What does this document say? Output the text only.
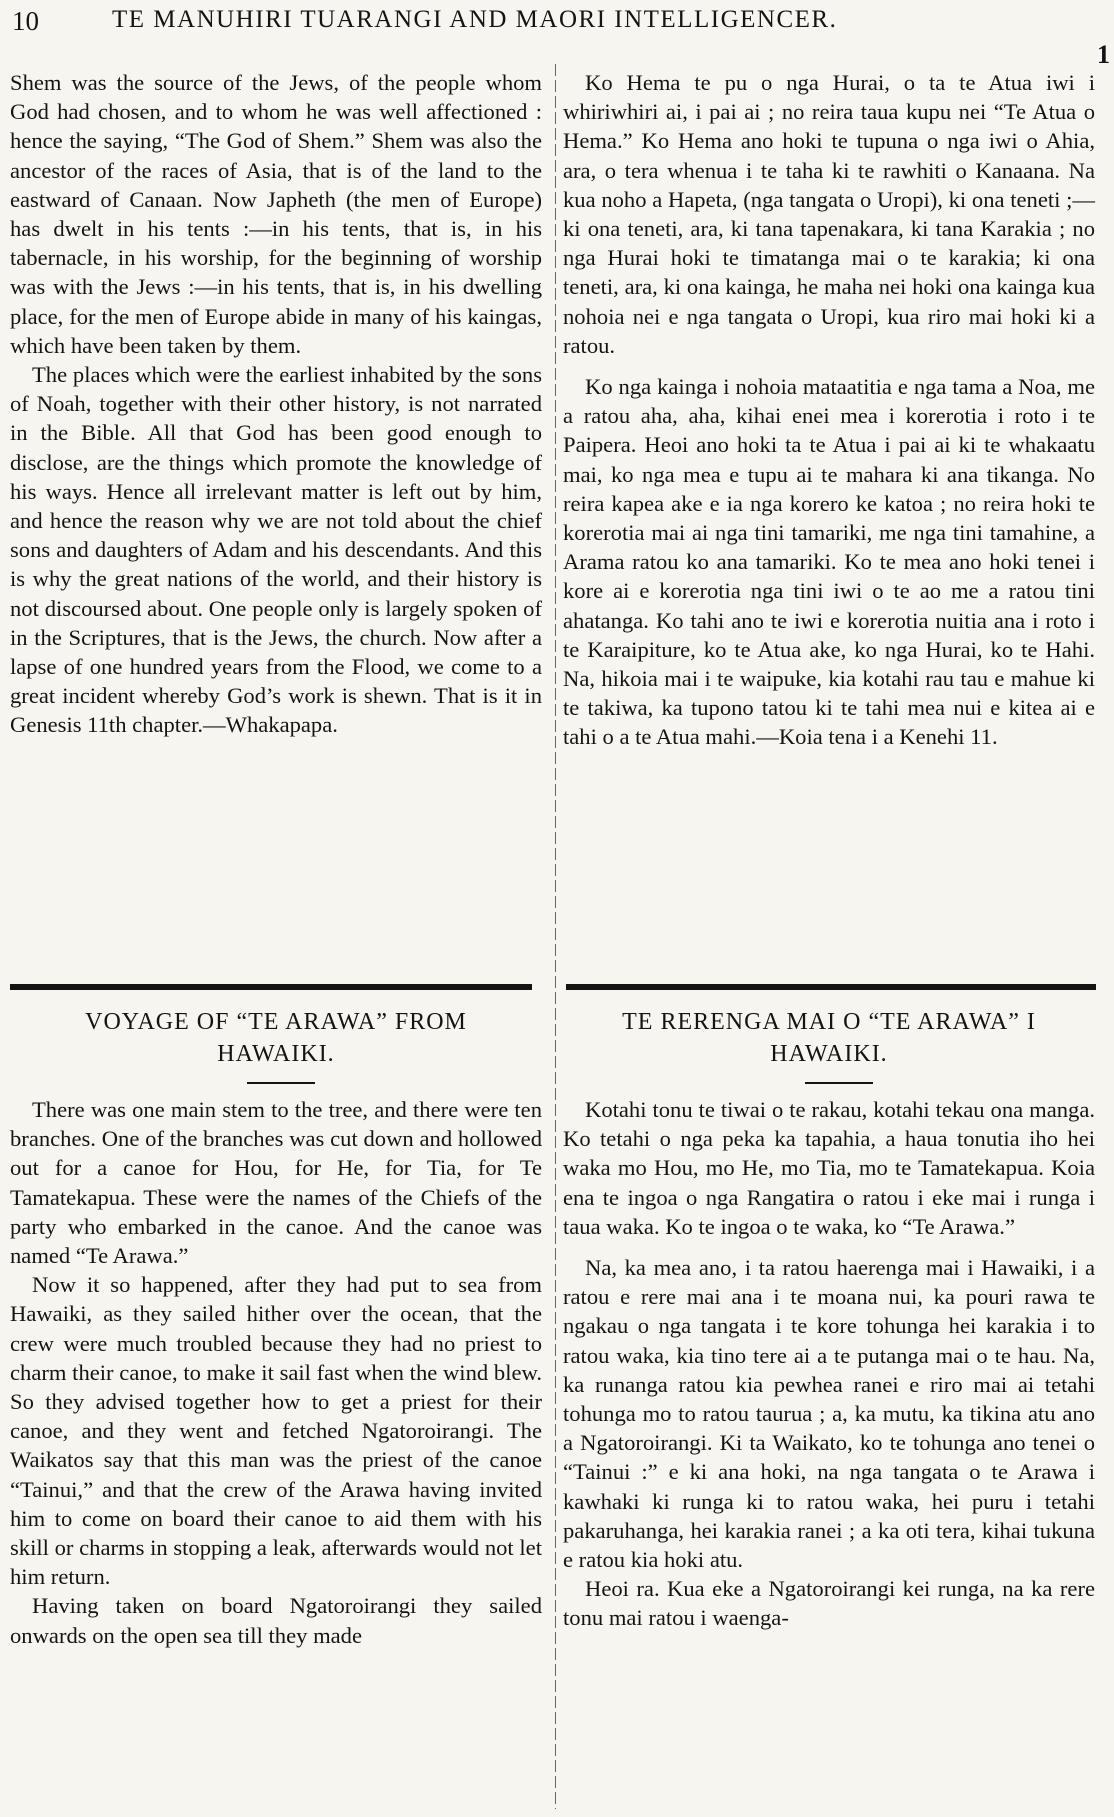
10	TE MANUHIRI TUARANGI AND MAORI INTELLIGENCER.
1

Shem was the source of the Jews, of the people whom God had chosen, and to whom he was well affectioned : hence the saying, “The God of Shem.” Shem was also the ancestor of the races of Asia, that is of the land to the eastward of Canaan. Now Japheth (the men of Europe) has dwelt in his tents :—in his tents, that is, in his tabernacle, in his worship, for the beginning of worship was with the Jews :—in his tents, that is, in his dwelling place, for the men of Europe abide in many of his kaingas, which have been taken by them.

The places which were the earliest inhabited by the sons of Noah, together with their other history, is not narrated in the Bible. All that God has been good enough to disclose, are the things which promote the knowledge of his ways. Hence all irrelevant matter is left out by him, and hence the reason why we are not told about the chief sons and daughters of Adam and his descendants. And this is why the great nations of the world, and their history is not discoursed about. One people only is largely spoken of in the Scriptures, that is the Jews, the church. Now after a lapse of one hundred years from the Flood, we come to a great incident whereby God’s work is shewn. That is it in Genesis 11th chapter.—Whakapapa.

Ko Hema te pu o nga Hurai, o ta te Atua iwi i whiriwhiri ai, i pai ai ; no reira taua kupu nei “Te Atua o Hema.” Ko Hema ano hoki te tupuna o nga iwi o Ahia, ara, o tera whenua i te taha ki te rawhiti o Kanaana. Na kua noho a Hapeta, (nga tangata o Uropi), ki ona teneti ;—ki ona teneti, ara, ki tana tapenakara, ki tana Karakia ; no nga Hurai hoki te timatanga mai o te karakia; ki ona teneti, ara, ki ona kainga, he maha nei hoki ona kainga kua nohoia nei e nga tangata o Uropi, kua riro mai hoki ki a ratou.

Ko nga kainga i nohoia mataatitia e nga tama a Noa, me a ratou aha, aha, kihai enei mea i korerotia i roto i te Paipera. Heoi ano hoki ta te Atua i pai ai ki te whakaatu mai, ko nga mea e tupu ai te mahara ki ana tikanga. No reira kapea ake e ia nga korero ke katoa ; no reira hoki te korerotia mai ai nga tini tamariki, me nga tini tamahine, a Arama ratou ko ana tamariki. Ko te mea ano hoki tenei i kore ai e korerotia nga tini iwi o te ao me a ratou tini ahatanga. Ko tahi ano te iwi e korerotia nuitia ana i roto i te Karaipiture, ko te Atua ake, ko nga Hurai, ko te Hahi. Na, hikoia mai i te waipuke, kia kotahi rau tau e mahue ki te takiwa, ka tupono tatou ki te tahi mea nui e kitea ai e tahi o a te Atua mahi.—Koia tena i a Kenehi 11.

VOYAGE OF “TE ARAWA” FROM
HAWAIKI.
TE RERENGA MAI O “TE ARAWA” I
HAWAIKI.

There was one main stem to the tree, and there were ten branches. One of the branches was cut down and hollowed out for a canoe for Hou, for He, for Tia, for Te Tamatekapua. These were the names of the Chiefs of the party who embarked in the canoe. And the canoe was named “Te Arawa.”

Now it so happened, after they had put to sea from Hawaiki, as they sailed hither over the ocean, that the crew were much troubled because they had no priest to charm their canoe, to make it sail fast when the wind blew. So they advised together how to get a priest for their canoe, and they went and fetched Ngatoroirangi. The Waikatos say that this man was the priest of the canoe “Tainui,” and that the crew of the Arawa having invited him to come on board their canoe to aid them with his skill or charms in stopping a leak, afterwards would not let him return.

Having taken on board Ngatoroirangi they sailed onwards on the open sea till they made

Kotahi tonu te tiwai o te rakau, kotahi tekau ona manga. Ko tetahi o nga peka ka tapahia, a haua tonutia iho hei waka mo Hou, mo He, mo Tia, mo te Tamatekapua. Koia ena te ingoa o nga Rangatira o ratou i eke mai i runga i taua waka. Ko te ingoa o te waka, ko “Te Arawa.”

Na, ka mea ano, i ta ratou haerenga mai i Hawaiki, i a ratou e rere mai ana i te moana nui, ka pouri rawa te ngakau o nga tangata i te kore tohunga hei karakia i to ratou waka, kia tino tere ai a te putanga mai o te hau. Na, ka runanga ratou kia pewhea ranei e riro mai ai tetahi tohunga mo to ratou taurua ; a, ka mutu, ka tikina atu ano a Ngatoroirangi. Ki ta Waikato, ko te tohunga ano tenei o “Tainui :” e ki ana hoki, na nga tangata o te Arawa i kawhaki ki runga ki to ratou waka, hei puru i tetahi pakaruhanga, hei karakia ranei ; a ka oti tera, kihai tukuna e ratou kia hoki atu.

Heoi ra. Kua eke a Ngatoroirangi kei runga, na ka rere tonu mai ratou i waenga-
